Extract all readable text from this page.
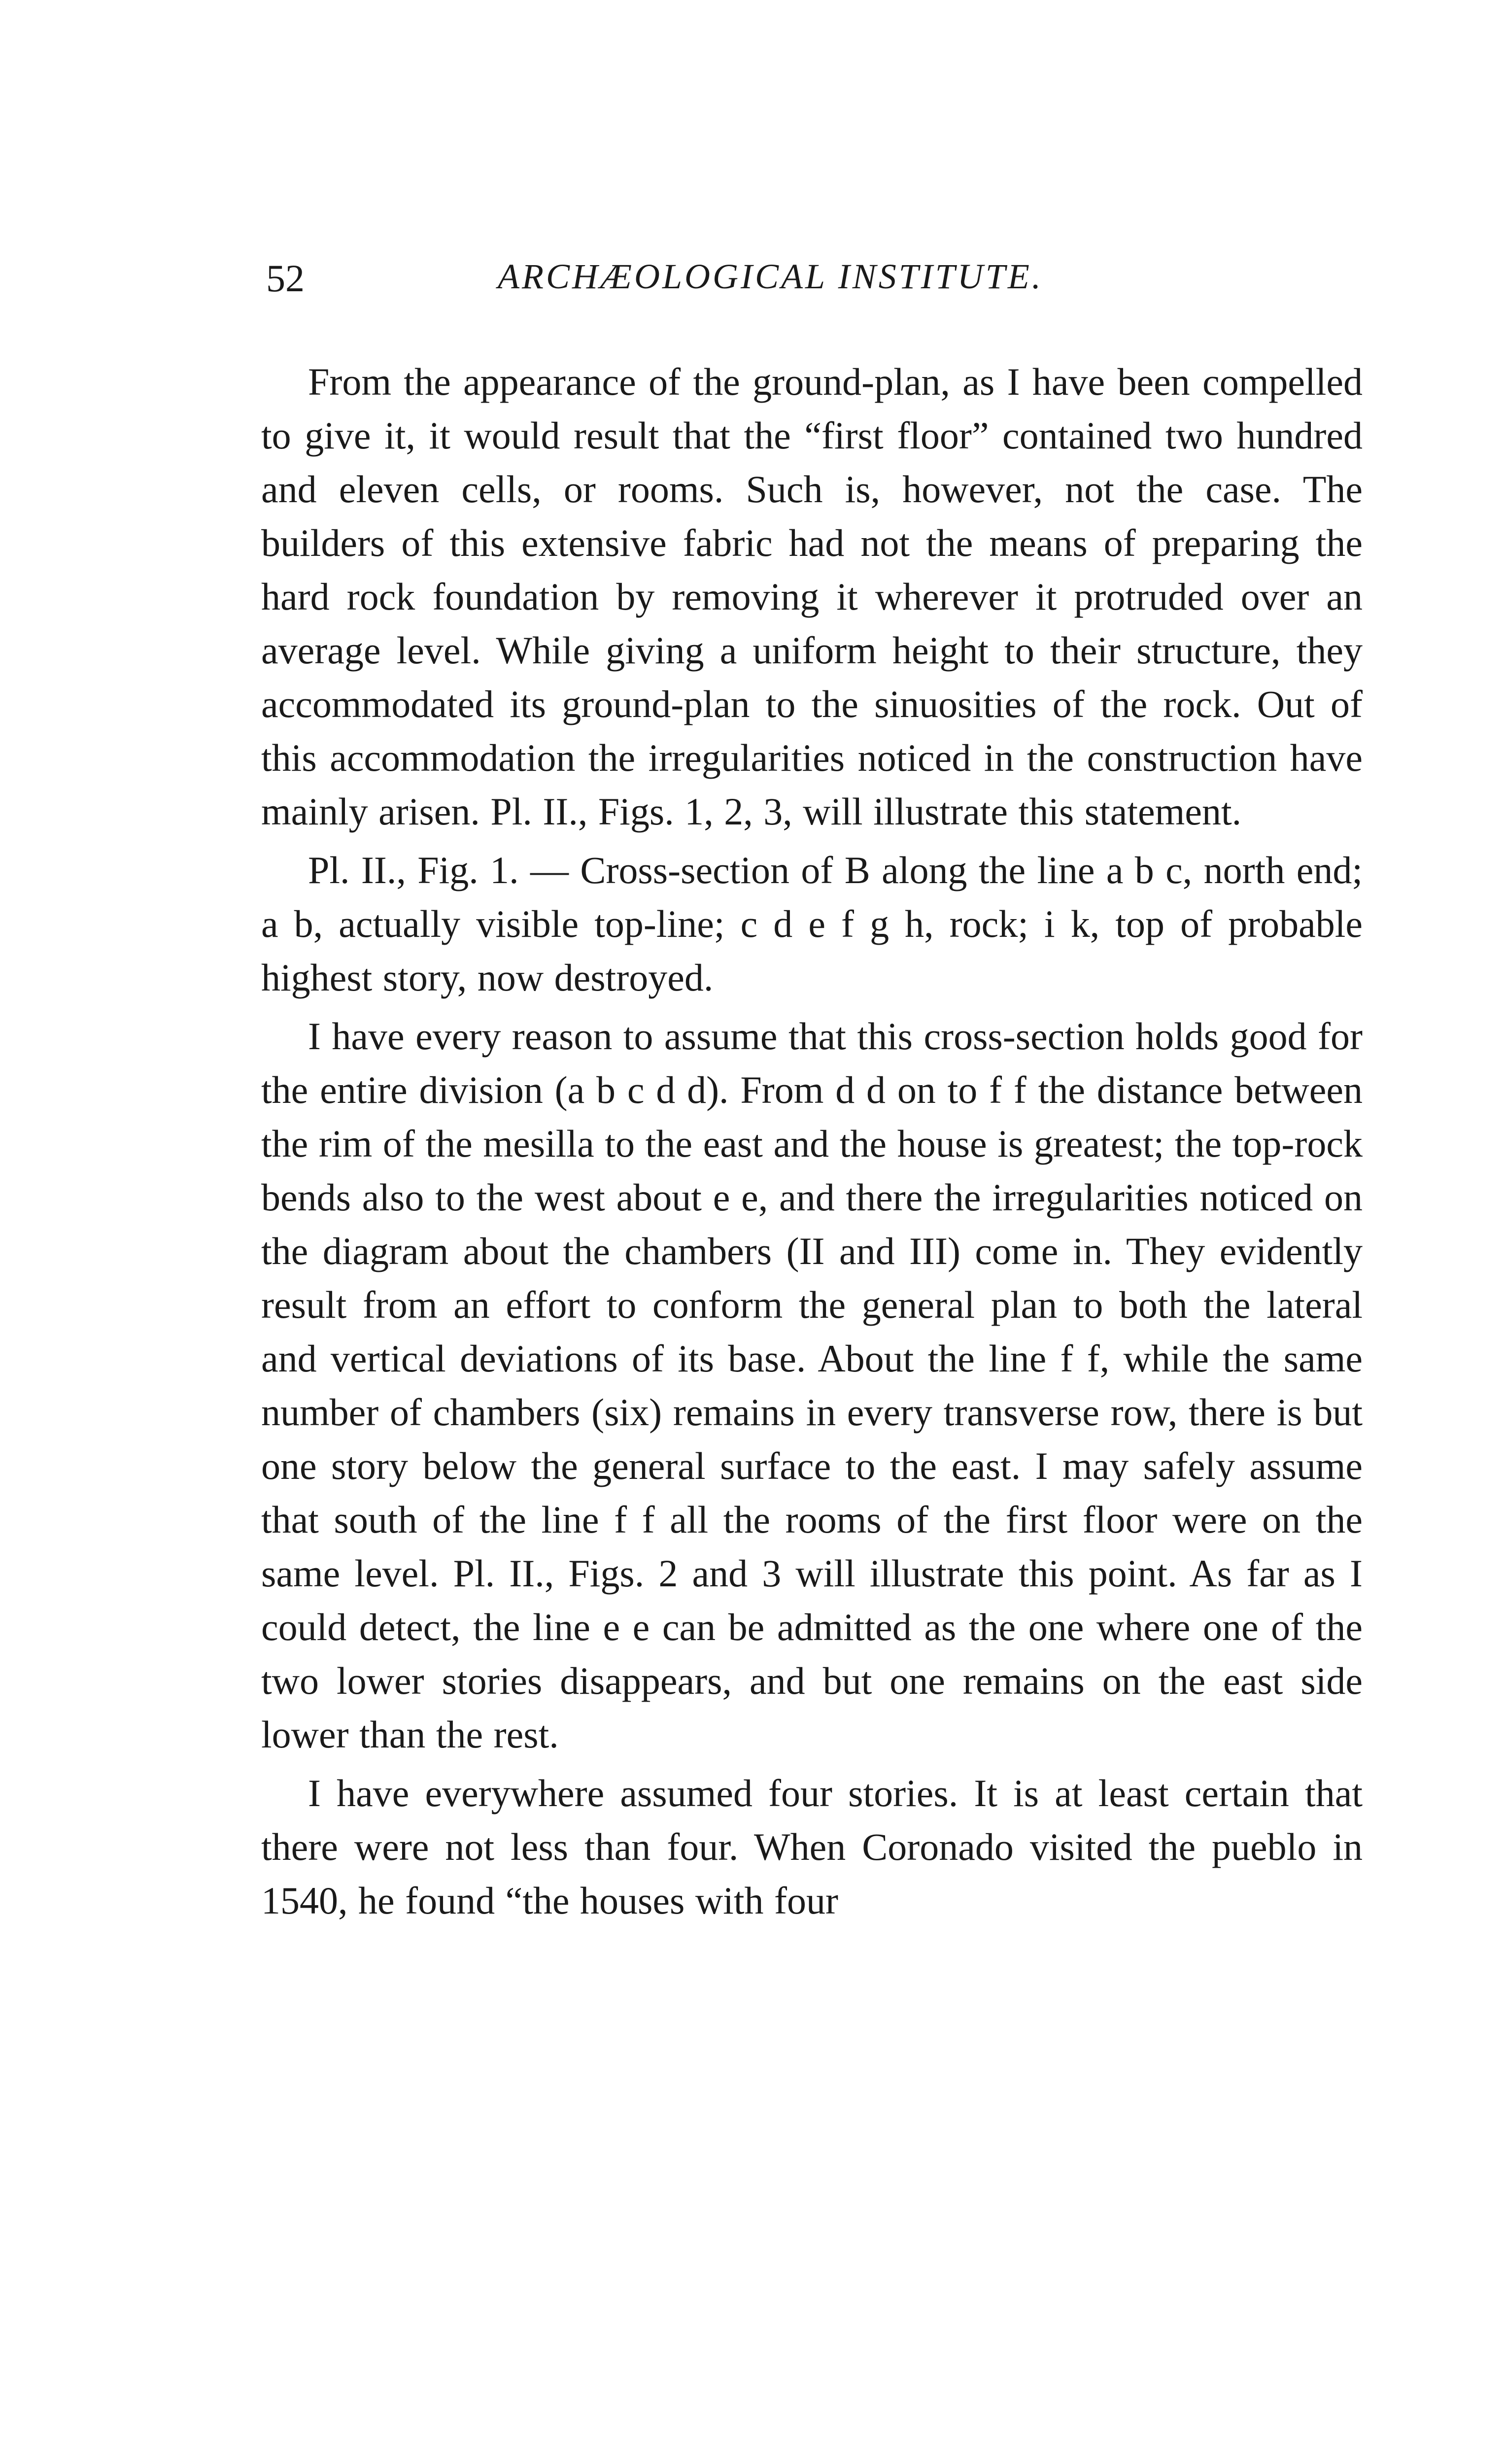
52	ARCHÆOLOGICAL INSTITUTE.

From the appearance of the ground-plan, as I have been compelled to give it, it would result that the “first floor” contained two hundred and eleven cells, or rooms. Such is, however, not the case. The builders of this extensive fabric had not the means of preparing the hard rock foundation by removing it wherever it protruded over an average level. While giving a uniform height to their structure, they accommodated its ground-plan to the sinuosities of the rock. Out of this accommodation the irregularities noticed in the construction have mainly arisen. Pl. II., Figs. 1, 2, 3, will illustrate this statement.

Pl. II., Fig. 1. — Cross-section of B along the line a b c, north end; a b, actually visible top-line; c d e f g h, rock; i k, top of probable highest story, now destroyed.

I have every reason to assume that this cross-section holds good for the entire division (a b c d d). From d d on to f f the distance between the rim of the mesilla to the east and the house is greatest; the top-rock bends also to the west about e e, and there the irregularities noticed on the diagram about the chambers (II and III) come in. They evidently result from an effort to conform the general plan to both the lateral and vertical deviations of its base. About the line f f, while the same number of chambers (six) remains in every transverse row, there is but one story below the general surface to the east. I may safely assume that south of the line f f all the rooms of the first floor were on the same level. Pl. II., Figs. 2 and 3 will illustrate this point. As far as I could detect, the line e e can be admitted as the one where one of the two lower stories disappears, and but one remains on the east side lower than the rest.

I have everywhere assumed four stories. It is at least certain that there were not less than four. When Coronado visited the pueblo in 1540, he found “the houses with four
